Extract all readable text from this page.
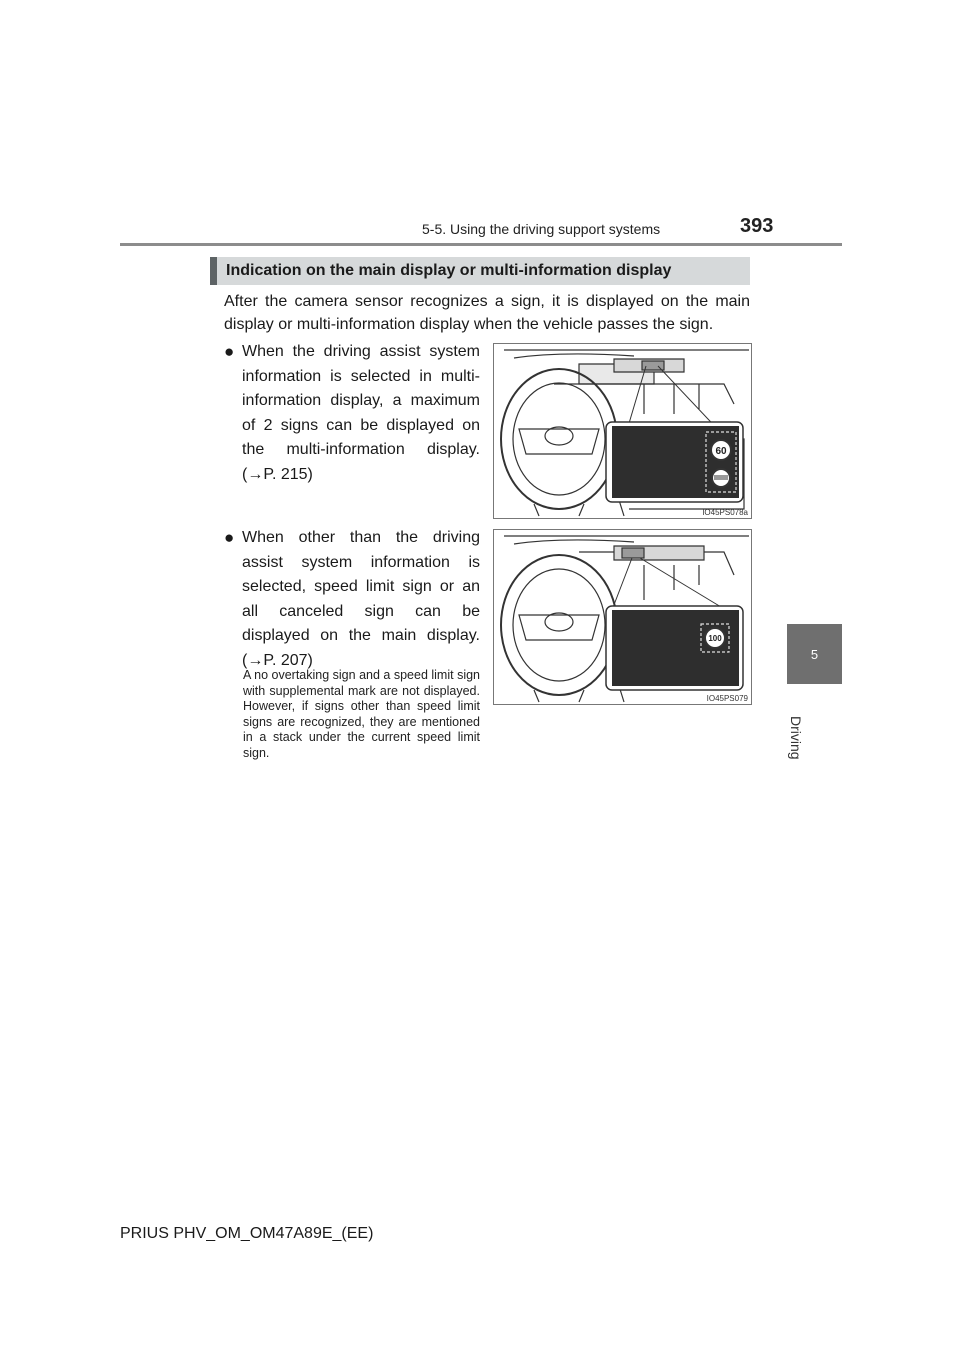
5-5. Using the driving support systems	393
5
Driving
Indication on the main display or multi-information display
After the camera sensor recognizes a sign, it is displayed on the main display or multi-information display when the vehicle passes the sign.
● When the driving assist system information is selected in multi-information display, a maximum of 2 signs can be displayed on the multi-information display. (→P. 215)
● When other than the driving assist system information is selected, speed limit sign or an all canceled sign can be displayed on the main display. (→P. 207)
A no overtaking sign and a speed limit sign with supplemental mark are not displayed. However, if signs other than speed limit signs are recognized, they are mentioned in a stack under the current speed limit sign.
60
IO45PS078a
100
IO45PS079
PRIUS PHV_OM_OM47A89E_(EE)
